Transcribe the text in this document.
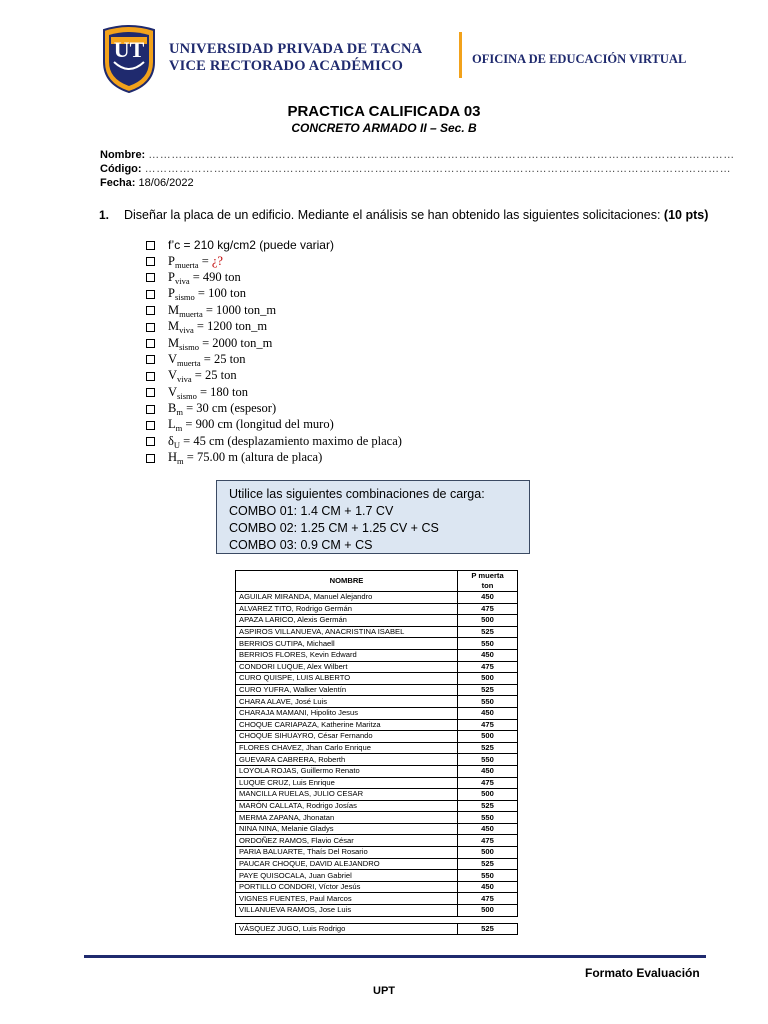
UT UNIVERSIDAD PRIVADA DE TACNA
VICE RECTORADO ACADÉMICO	OFICINA DE EDUCACIÓN VIRTUAL
PRACTICA CALIFICADA 03
CONCRETO ARMADO II – Sec. B
Nombre: ………………………………………………………………………………………………………………………………………
Código: ………………………………………………………………………………………………………………………………………
Fecha: 18/06/2022
1. Diseñar la placa de un edificio. Mediante el análisis se han obtenido las siguientes solicitaciones: (10 pts)
f’c = 210 kg/cm2 (puede variar)
$P_{muerta}$ = ¿?
$P_{viva} = 490$ ton
$P_{sismo} = 100$ ton
$M_{muerta} = 1000$ ton_m
$M_{viva} = 1200$ ton_m
$M_{sismo} = 2000$ ton_m
$V_{muerta} = 25$ ton
$V_{viva} = 25$ ton
$V_{sismo} = 180$ ton
$B_m = 30$ cm (espesor)
$L_m = 900$ cm (longitud del muro)
$\delta_U = 45$ cm (desplazamiento maximo de placa)
$H_m = 75.00$ m (altura de placa)
Utilice las siguientes combinaciones de carga:
COMBO 01: 1.4 CM + 1.7 CV
COMBO 02: 1.25 CM + 1.25 CV + CS
COMBO 03: 0.9 CM + CS
NOMBRE	P muerta
ton

AGUILAR MIRANDA, Manuel Alejandro	450
ALVAREZ TITO, Rodrigo Germán	475
APAZA LARICO, Alexis Germán	500
ASPIROS VILLANUEVA, ANACRISTINA ISABEL	525
BERRIOS CUTIPA, Michaell	550
BERRIOS FLORES, Kevin Edward	450
CONDORI LUQUE, Alex Wilbert	475
CURO QUISPE, LUIS ALBERTO	500
CURO YUFRA, Walker Valentín	525
CHARA ALAVE, José Luis	550
CHARAJA MAMANI, Hipolito Jesus	450
CHOQUE CARIAPAZA, Katherine Maritza	475
CHOQUE SIHUAYRO, César Fernando	500
FLORES CHAVEZ, Jhan Carlo Enrique	525
GUEVARA CABRERA, Roberth	550
LOYOLA ROJAS, Guillermo Renato	450
LUQUE CRUZ, Luis Enrique	475
MANCILLA RUELAS, JULIO CESAR	500
MARÓN CALLATA, Rodrigo Josías	525
MERMA ZAPANA, Jhonatan	550
NINA NINA, Melanie Gladys	450
ORDOÑEZ RAMOS, Flavio César	475
PARIA BALUARTE, Thaís Del Rosario	500
PAUCAR CHOQUE, DAVID ALEJANDRO	525
PAYE QUISOCALA, Juan Gabriel	550
PORTILLO CONDORI, Víctor Jesús	450
VIGNES FUENTES, Paul Marcos	475
VILLANUEVA RAMOS, Jose Luis	500

VÁSQUEZ JUGO, Luis Rodrigo	525
Formato Evaluación
UPT
